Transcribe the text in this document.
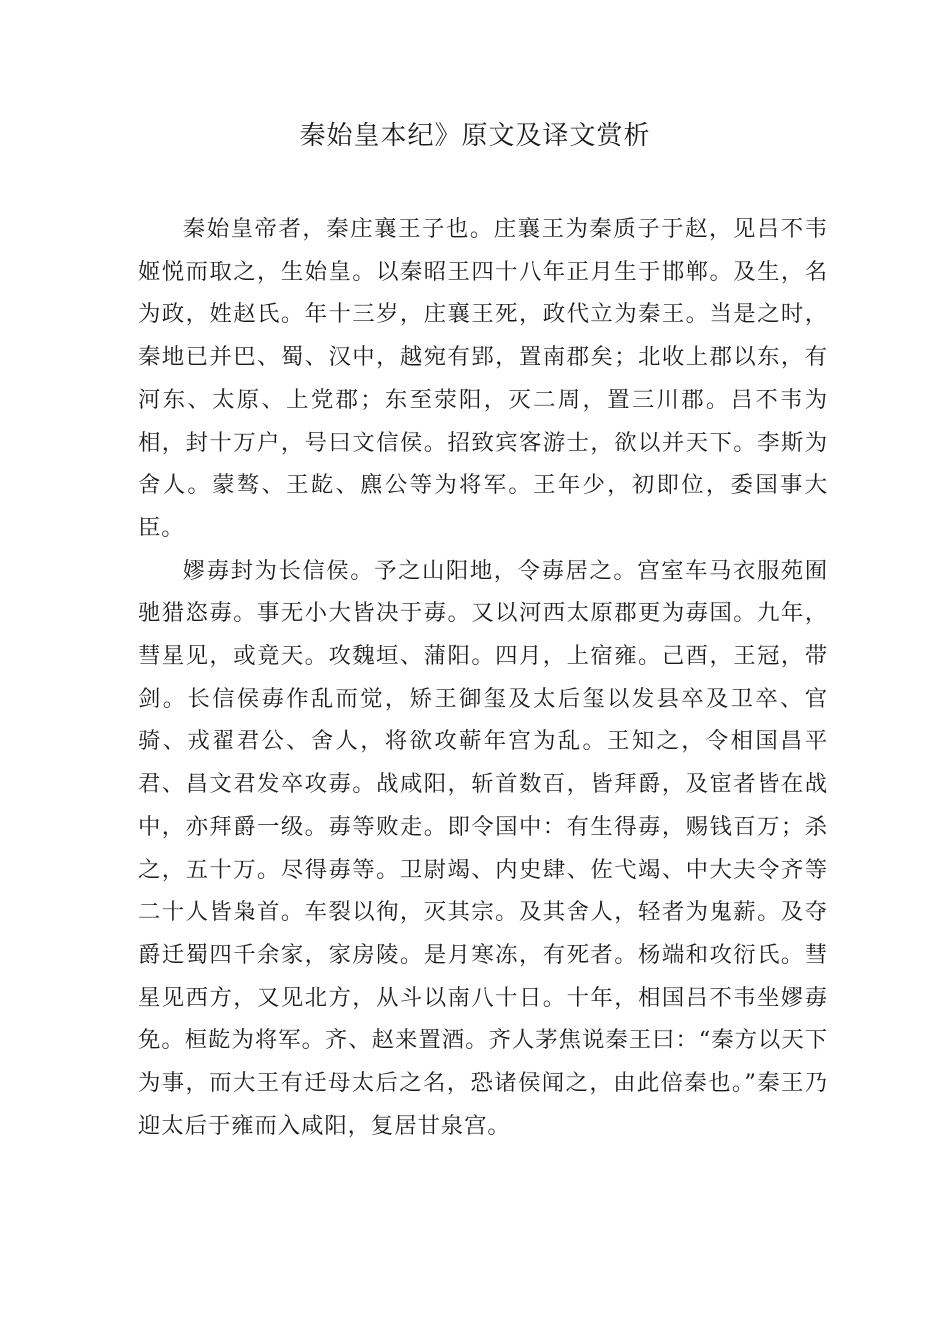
秦始皇本纪》原文及译文赏析

秦始皇帝者，秦庄襄王子也。庄襄王为秦质子于赵，见吕不韦姬悦而取之，生始皇。以秦昭王四十八年正月生于邯郸。及生，名为政，姓赵氏。年十三岁，庄襄王死，政代立为秦王。当是之时，秦地已并巴、蜀、汉中，越宛有郢，置南郡矣；北收上郡以东，有河东、太原、上党郡；东至荥阳，灭二周，置三川郡。吕不韦为相，封十万户，号曰文信侯。招致宾客游士，欲以并天下。李斯为舍人。蒙骜、王龁、麃公等为将军。王年少，初即位，委国事大臣。

嫪毐封为长信侯。予之山阳地，令毐居之。宫室车马衣服苑囿驰猎恣毐。事无小大皆决于毐。又以河西太原郡更为毐国。九年，彗星见，或竟天。攻魏垣、蒲阳。四月，上宿雍。己酉，王冠，带剑。长信侯毐作乱而觉，矫王御玺及太后玺以发县卒及卫卒、官骑、戎翟君公、舍人，将欲攻蕲年宫为乱。王知之，令相国昌平君、昌文君发卒攻毐。战咸阳，斩首数百，皆拜爵，及宦者皆在战中，亦拜爵一级。毐等败走。即令国中：有生得毐，赐钱百万；杀之，五十万。尽得毐等。卫尉竭、内史肆、佐弋竭、中大夫令齐等二十人皆枭首。车裂以徇，灭其宗。及其舍人，轻者为鬼薪。及夺爵迁蜀四千余家，家房陵。是月寒冻，有死者。杨端和攻衍氏。彗星见西方，又见北方，从斗以南八十日。十年，相国吕不韦坐嫪毐免。桓龁为将军。齐、赵来置酒。齐人茅焦说秦王曰：“秦方以天下为事，而大王有迁母太后之名，恐诸侯闻之，由此倍秦也。”秦王乃迎太后于雍而入咸阳，复居甘泉宫。
